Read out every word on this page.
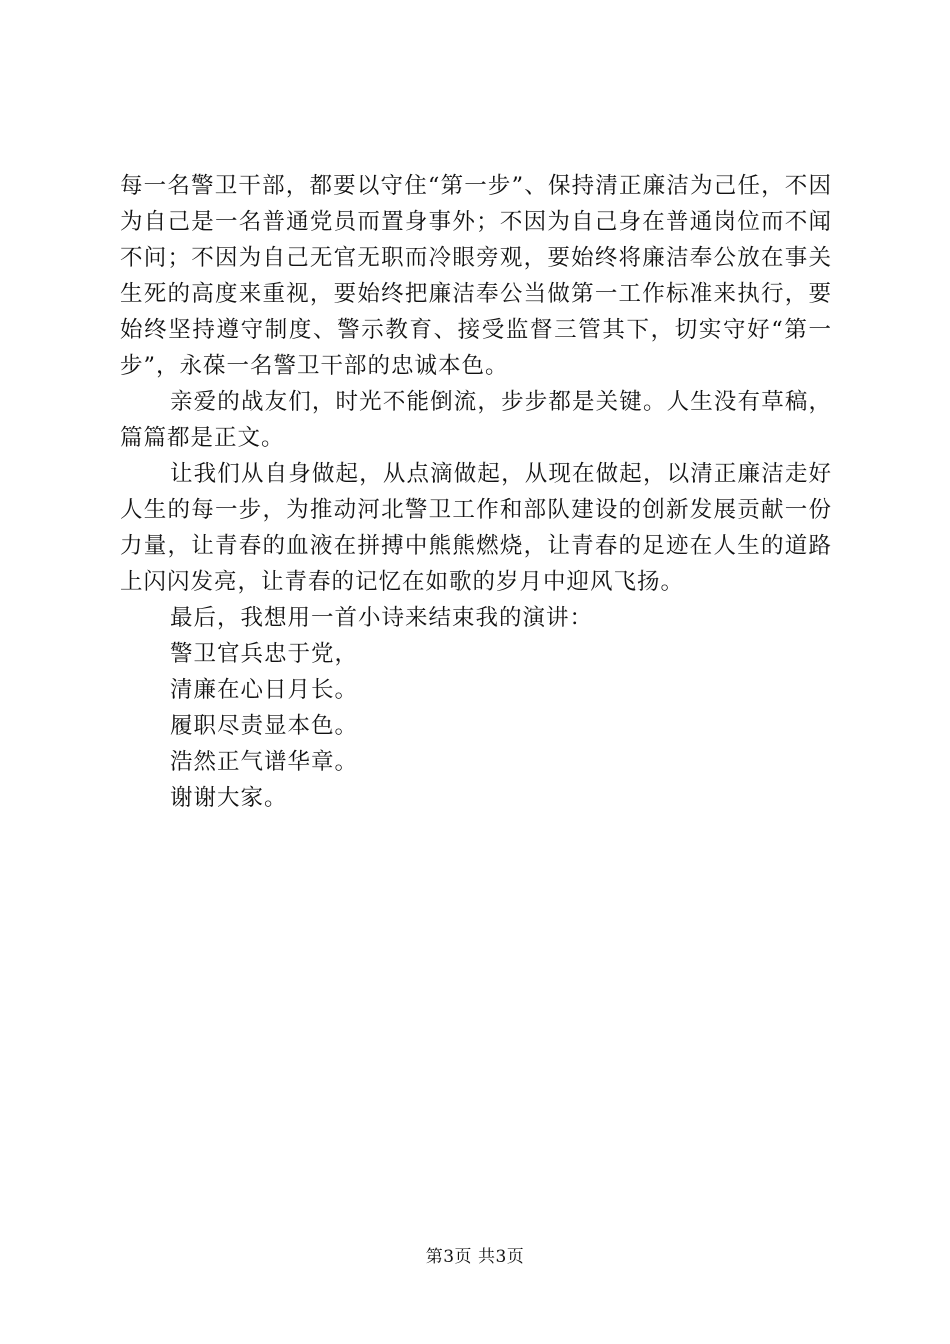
每一名警卫干部，都要以守住“第一步”、保持清正廉洁为己任，不因为自己是一名普通党员而置身事外；不因为自己身在普通岗位而不闻不问；不因为自己无官无职而冷眼旁观，要始终将廉洁奉公放在事关生死的高度来重视，要始终把廉洁奉公当做第一工作标准来执行，要始终坚持遵守制度、警示教育、接受监督三管其下，切实守好“第一步”，永葆一名警卫干部的忠诚本色。

亲爱的战友们，时光不能倒流，步步都是关键。人生没有草稿，篇篇都是正文。

让我们从自身做起，从点滴做起，从现在做起，以清正廉洁走好人生的每一步，为推动河北警卫工作和部队建设的创新发展贡献一份力量，让青春的血液在拼搏中熊熊燃烧，让青春的足迹在人生的道路上闪闪发亮，让青春的记忆在如歌的岁月中迎风飞扬。

最后，我想用一首小诗来结束我的演讲：

警卫官兵忠于党，

清廉在心日月长。

履职尽责显本色。

浩然正气谱华章。

谢谢大家。

第3页 共3页
